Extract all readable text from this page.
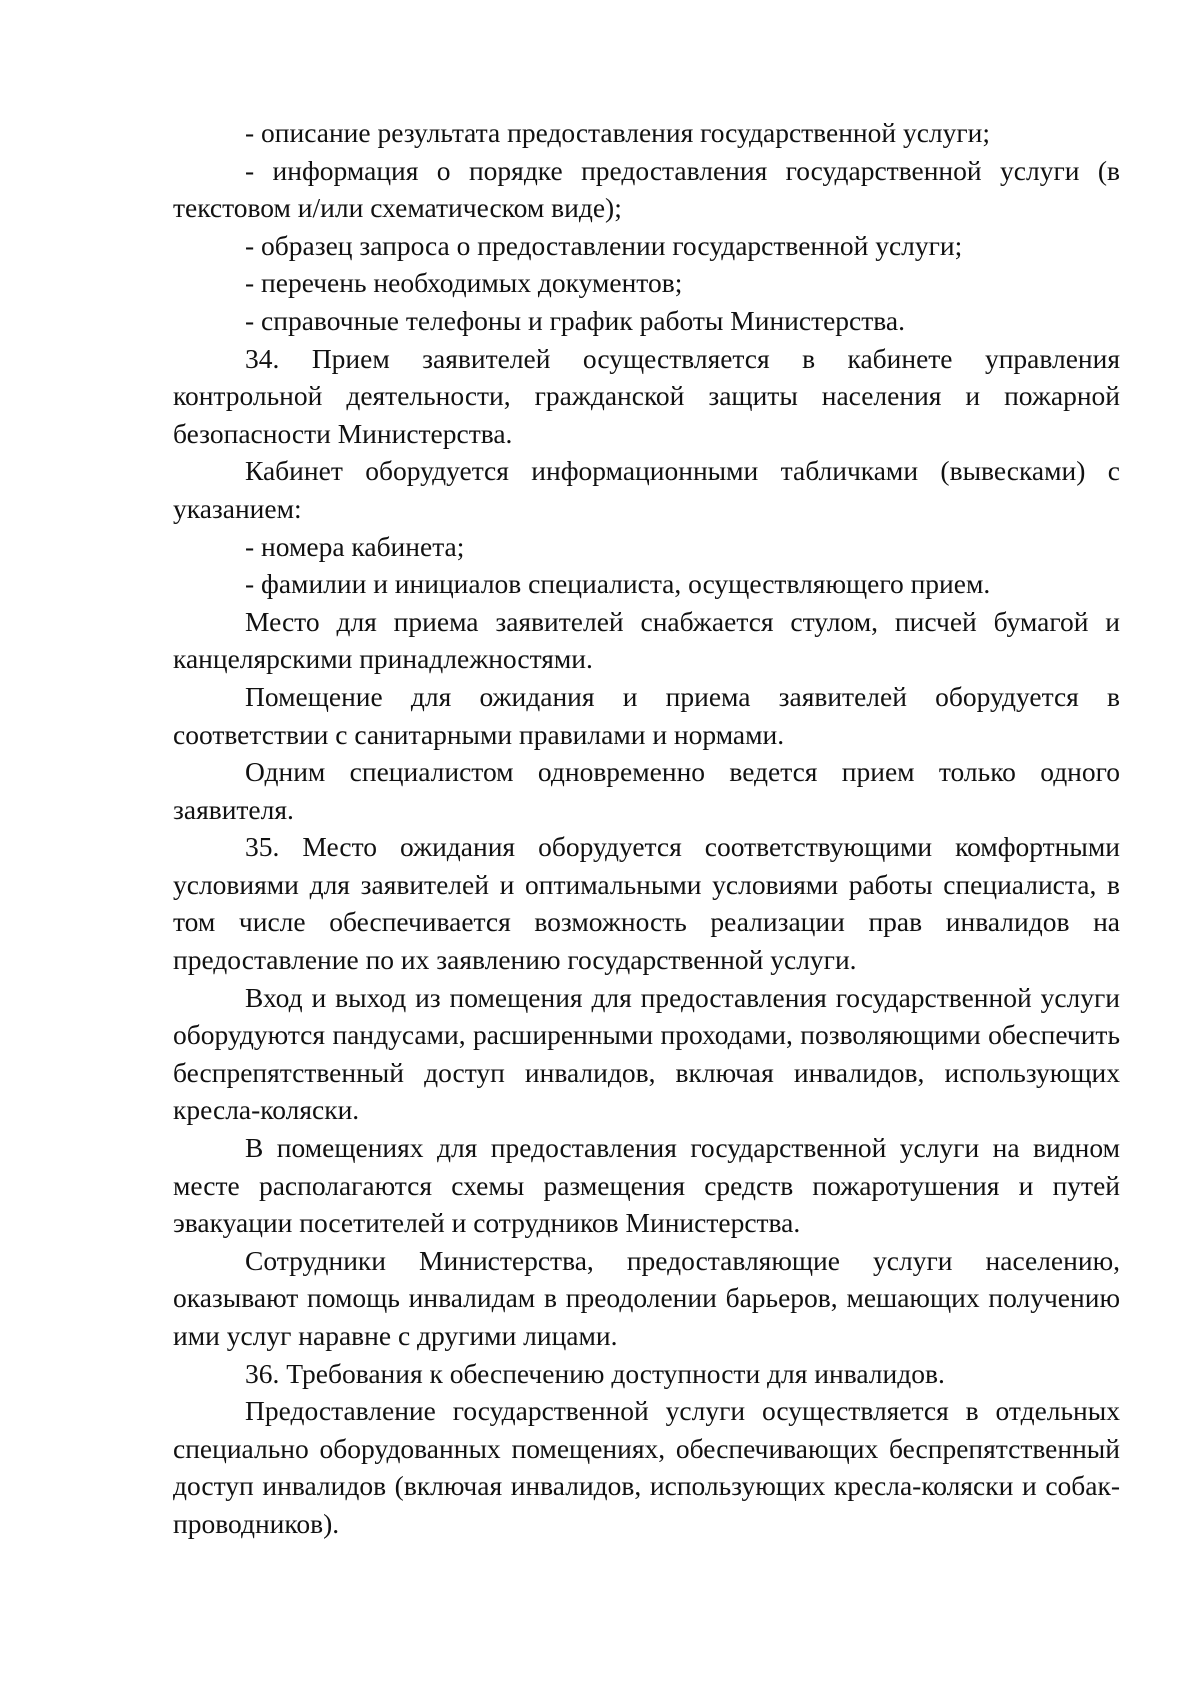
- описание результата предоставления государственной услуги;

- информация о порядке предоставления государственной услуги (в текстовом и/или схематическом виде);

- образец запроса о предоставлении государственной услуги;

- перечень необходимых документов;

- справочные телефоны и график работы Министерства.

34. Прием заявителей осуществляется в кабинете управления контрольной деятельности, гражданской защиты населения и пожарной безопасности Министерства.

Кабинет оборудуется информационными табличками (вывесками) с указанием:

- номера кабинета;

- фамилии и инициалов специалиста, осуществляющего прием.

Место для приема заявителей снабжается стулом, писчей бумагой и канцелярскими принадлежностями.

Помещение для ожидания и приема заявителей оборудуется в соответствии с санитарными правилами и нормами.

Одним специалистом одновременно ведется прием только одного заявителя.

35. Место ожидания оборудуется соответствующими комфортными условиями для заявителей и оптимальными условиями работы специалиста, в том числе обеспечивается возможность реализации прав инвалидов на предоставление по их заявлению государственной услуги.

Вход и выход из помещения для предоставления государственной услуги оборудуются пандусами, расширенными проходами, позволяющими обеспечить беспрепятственный доступ инвалидов, включая инвалидов, использующих кресла-коляски.

В помещениях для предоставления государственной услуги на видном месте располагаются схемы размещения средств пожаротушения и путей эвакуации посетителей и сотрудников Министерства.

Сотрудники Министерства, предоставляющие услуги населению, оказывают помощь инвалидам в преодолении барьеров, мешающих получению ими услуг наравне с другими лицами.

36. Требования к обеспечению доступности для инвалидов.

Предоставление государственной услуги осуществляется в отдельных специально оборудованных помещениях, обеспечивающих беспрепятственный доступ инвалидов (включая инвалидов, использующих кресла-коляски и собак-проводников).
